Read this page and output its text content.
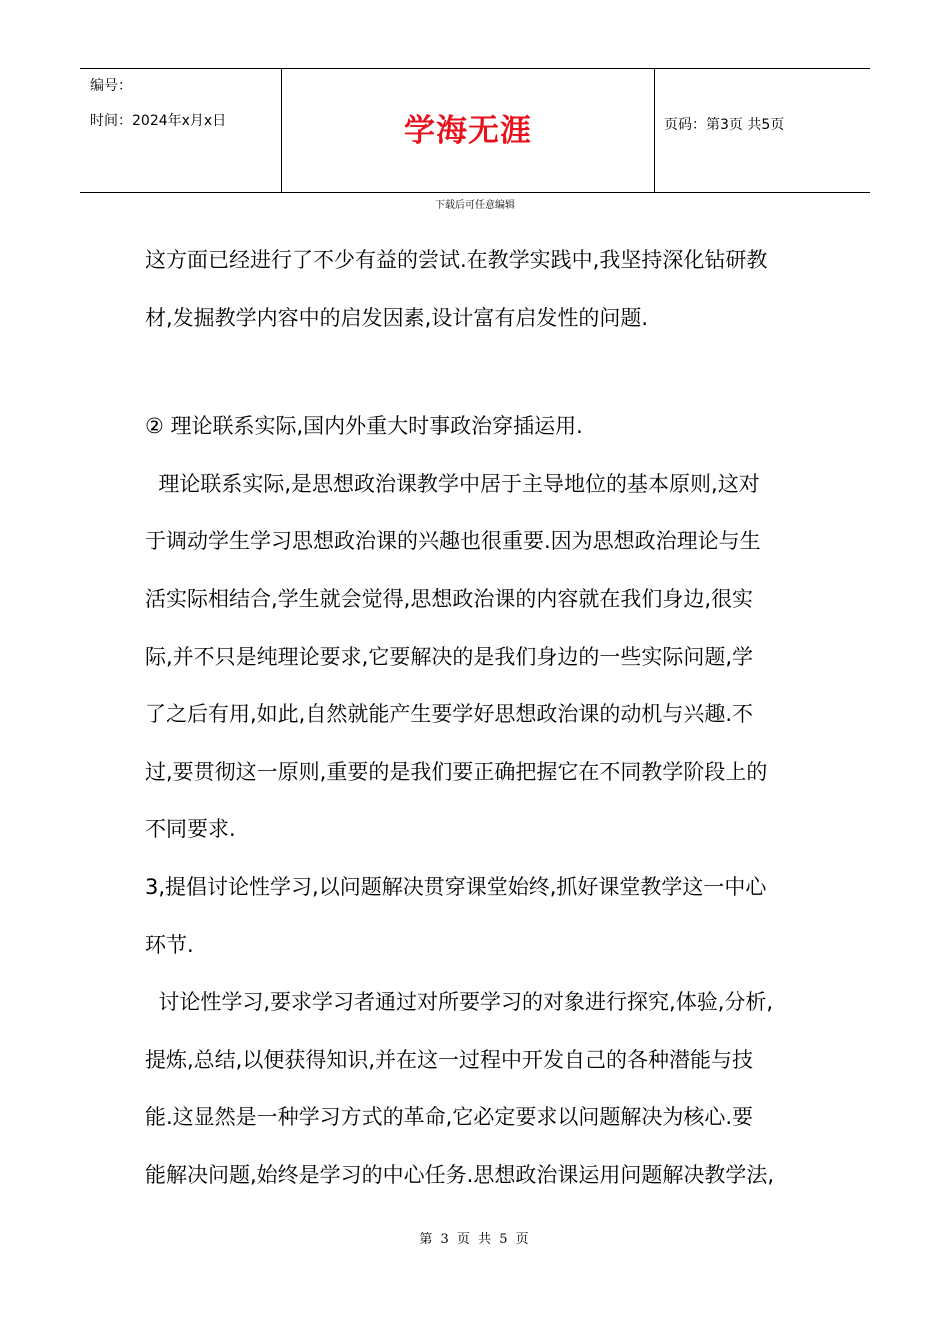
编号：
时间：2024年x月x日	学海无涯	页码：第3页 共5页
下载后可任意编辑
这方面已经进行了不少有益的尝试.在教学实践中,我坚持深化钻研教
材,发掘教学内容中的启发因素,设计富有启发性的问题.
② 理论联系实际,国内外重大时事政治穿插运用.
理论联系实际,是思想政治课教学中居于主导地位的基本原则,这对
于调动学生学习思想政治课的兴趣也很重要.因为思想政治理论与生
活实际相结合,学生就会觉得,思想政治课的内容就在我们身边,很实
际,并不只是纯理论要求,它要解决的是我们身边的一些实际问题,学
了之后有用,如此,自然就能产生要学好思想政治课的动机与兴趣.不
过,要贯彻这一原则,重要的是我们要正确把握它在不同教学阶段上的
不同要求.
3,提倡讨论性学习,以问题解决贯穿课堂始终,抓好课堂教学这一中心
环节.
讨论性学习,要求学习者通过对所要学习的对象进行探究,体验,分析,
提炼,总结,以便获得知识,并在这一过程中开发自己的各种潜能与技
能.这显然是一种学习方式的革命,它必定要求以问题解决为核心.要
能解决问题,始终是学习的中心任务.思想政治课运用问题解决教学法,
第 3 页 共 5 页
